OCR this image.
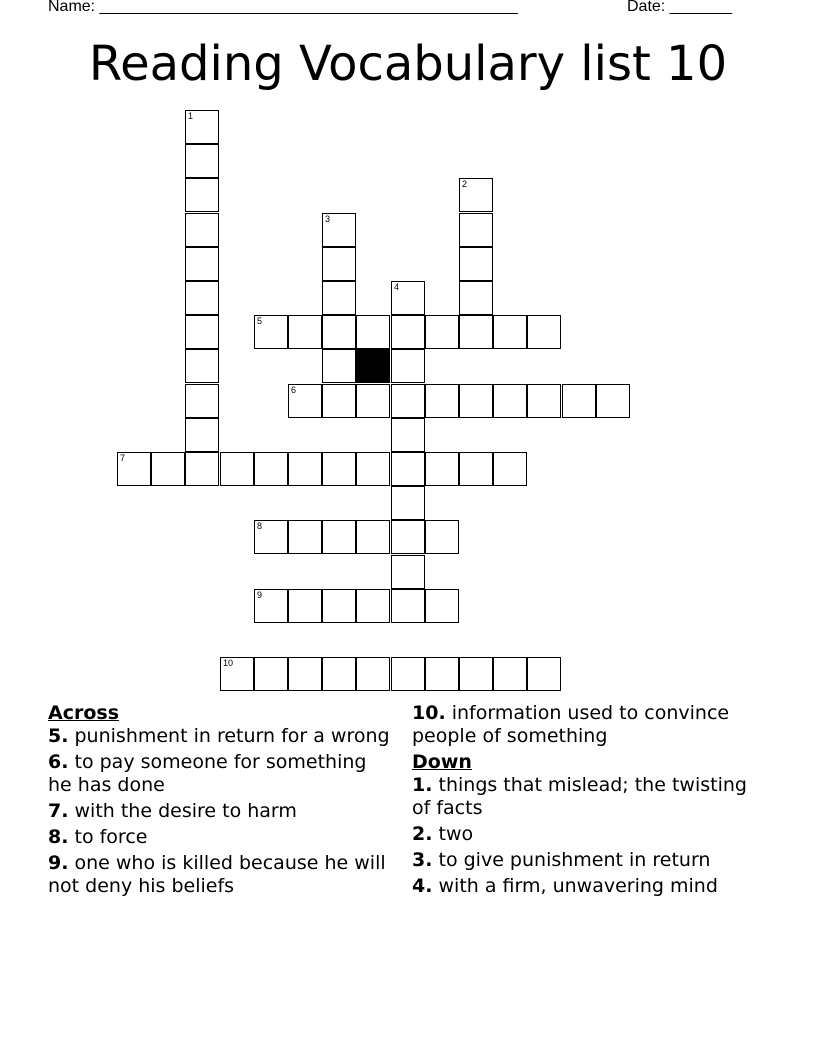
Name: _______________________________________________	Date: _______
Reading Vocabulary list 10
1
2
3
4
5
6
7
8
9
10
Across
5. punishment in return for a wrong
6. to pay someone for something he has done
7. with the desire to harm
8. to force
9. one who is killed because he will not deny his beliefs
10. information used to convince people of something
Down
1. things that mislead; the twisting of facts
2. two
3. to give punishment in return
4. with a firm, unwavering mind
